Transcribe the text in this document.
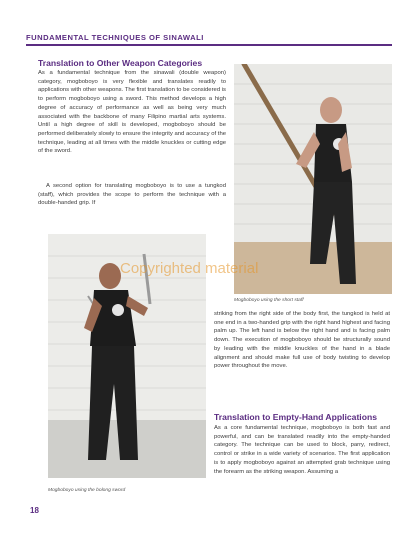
FUNDAMENTAL TECHNIQUES OF SINAWALI
Translation to Other Weapon Categories
As a fundamental technique from the sinawali (double weapon) category, mogboboyo is very flexible and translates readily to applications with other weapons. The first translation to be considered is to perform mogboboyo using a sword. This method develops a high degree of accuracy of performance as well as being very much associated with the backbone of many Filipino martial arts systems. Until a high degree of skill is developed, mogboboyo should be performed deliberately slowly to ensure the integrity and accuracy of the technique, leading at all times with the middle knuckles or cutting edge of the sword.
A second option for translating mogboboyo is to use a tungkod (staff), which provides the scope to perform the technique with a double-handed grip. If
Mogboboyo using the short staff
Mogboboyo using the bolong sword
Copyrighted material
striking from the right side of the body first, the tungkod is held at one end in a two-handed grip with the right hand highest and facing palm up. The left hand is below the right hand and is facing palm down. The execution of mogboboyo should be structurally sound by leading with the middle knuckles of the hand in a blade alignment and should make full use of body twisting to develop power throughout the move.
Translation to Empty-Hand Applications
As a core fundamental technique, mogboboyo is both fast and powerful, and can be translated readily into the empty-handed category. The technique can be used to block, parry, redirect, control or strike in a wide variety of scenarios. The first application is to apply mogboboyo against an attempted grab technique using the forearm as the striking weapon. Assuming a
18
